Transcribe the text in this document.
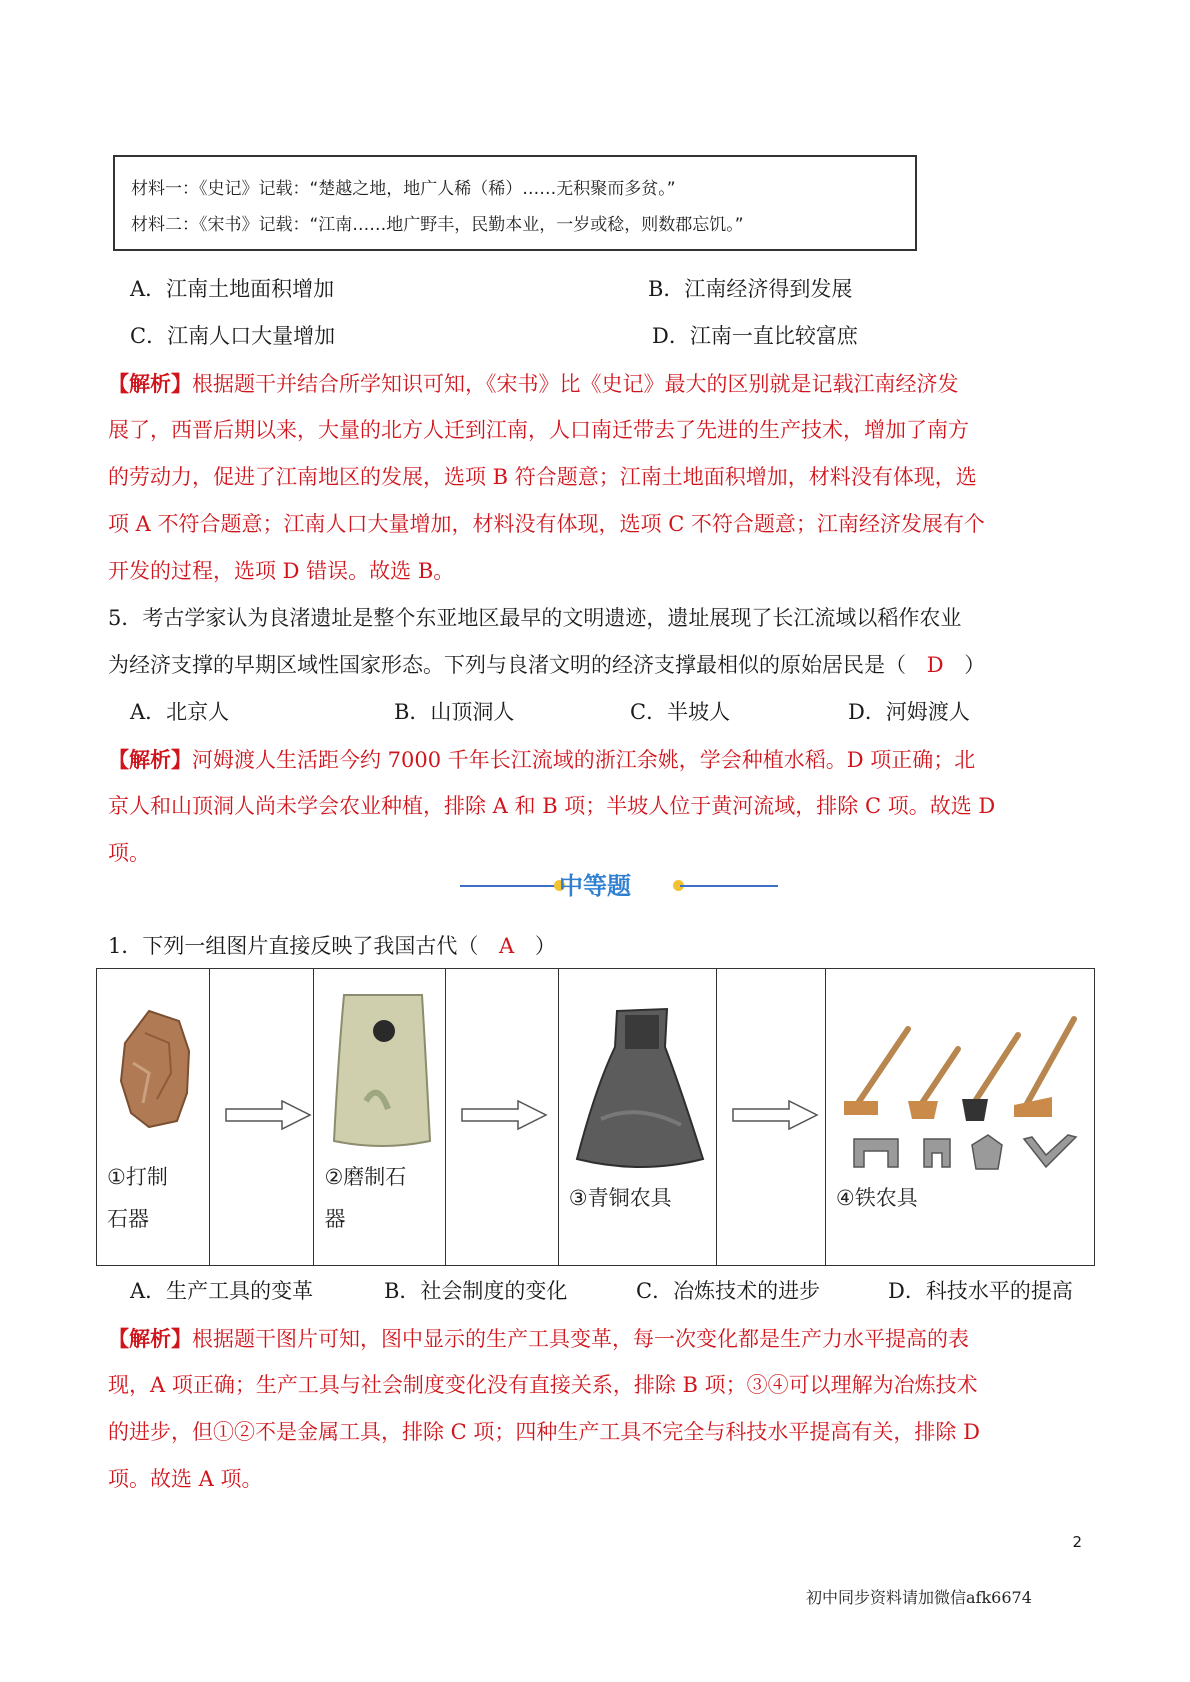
材料一：《史记》记载：“楚越之地，地广人稀（稀）……无积聚而多贫。”
材料二：《宋书》记载：“江南……地广野丰，民勤本业，一岁或稔，则数郡忘饥。”
A．江南土地面积增加	B．江南经济得到发展
C．江南人口大量增加	D．江南一直比较富庶
【解析】根据题干并结合所学知识可知，《宋书》比《史记》最大的区别就是记载江南经济发
展了，西晋后期以来，大量的北方人迁到江南，人口南迁带去了先进的生产技术，增加了南方
的劳动力，促进了江南地区的发展，选项 B 符合题意；江南土地面积增加，材料没有体现，选
项 A 不符合题意；江南人口大量增加，材料没有体现，选项 C 不符合题意；江南经济发展有个
开发的过程，选项 D 错误。故选 B。
5．考古学家认为良渚遗址是整个东亚地区最早的文明遗迹，遗址展现了长江流域以稻作农业
为经济支撑的早期区域性国家形态。下列与良渚文明的经济支撑最相似的原始居民是（ D ）
A．北京人	B．山顶洞人	C．半坡人	D．河姆渡人
【解析】河姆渡人生活距今约 7000 千年长江流域的浙江余姚，学会种植水稻。D 项正确；北
京人和山顶洞人尚未学会农业种植，排除 A 和 B 项；半坡人位于黄河流域，排除 C 项。故选 D
项。
中等题
1．下列一组图片直接反映了我国古代（ A ）
①打制
石器

②磨制石
器

③青铜农具		④铁农具
A．生产工具的变革	B．社会制度的变化	C．冶炼技术的进步	D．科技水平的提高
【解析】根据题干图片可知，图中显示的生产工具变革，每一次变化都是生产力水平提高的表
现，A 项正确；生产工具与社会制度变化没有直接关系，排除 B 项；③④可以理解为冶炼技术
的进步，但①②不是金属工具，排除 C 项；四种生产工具不完全与科技水平提高有关，排除 D
项。故选 A 项。
2
初中同步资料请加微信afk6674
